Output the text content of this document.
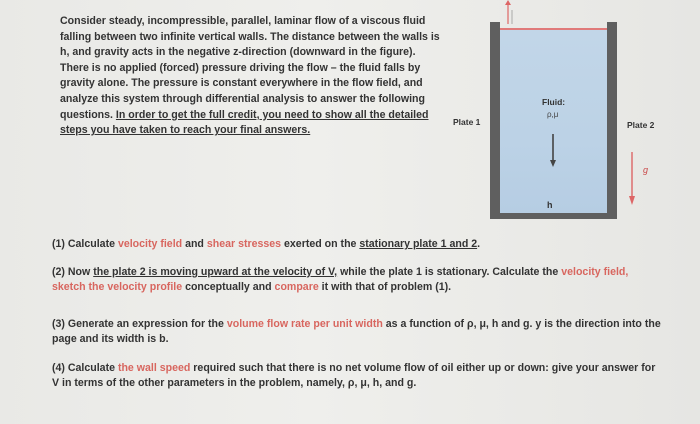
Consider steady, incompressible, parallel, laminar flow of a viscous fluid falling between two infinite vertical walls. The distance between the walls is h, and gravity acts in the negative z-direction (downward in the figure). There is no applied (forced) pressure driving the flow – the fluid falls by gravity alone. The pressure is constant everywhere in the flow field, and analyze this system through differential analysis to answer the following questions. In order to get the full credit, you need to show all the detailed steps you have taken to reach your final answers.
Plate 1	Plate 2
Fluid:
ρ,μ
h
g
(1) Calculate velocity field and shear stresses exerted on the stationary plate 1 and 2.
(2) Now the plate 2 is moving upward at the velocity of V, while the plate 1 is stationary. Calculate the velocity field, sketch the velocity profile conceptually and compare it with that of problem (1).
(3) Generate an expression for the volume flow rate per unit width as a function of ρ, μ, h and g. y is the direction into the page and its width is b.
(4) Calculate the wall speed required such that there is no net volume flow of oil either up or down: give your answer for V in terms of the other parameters in the problem, namely, ρ, μ, h, and g.
